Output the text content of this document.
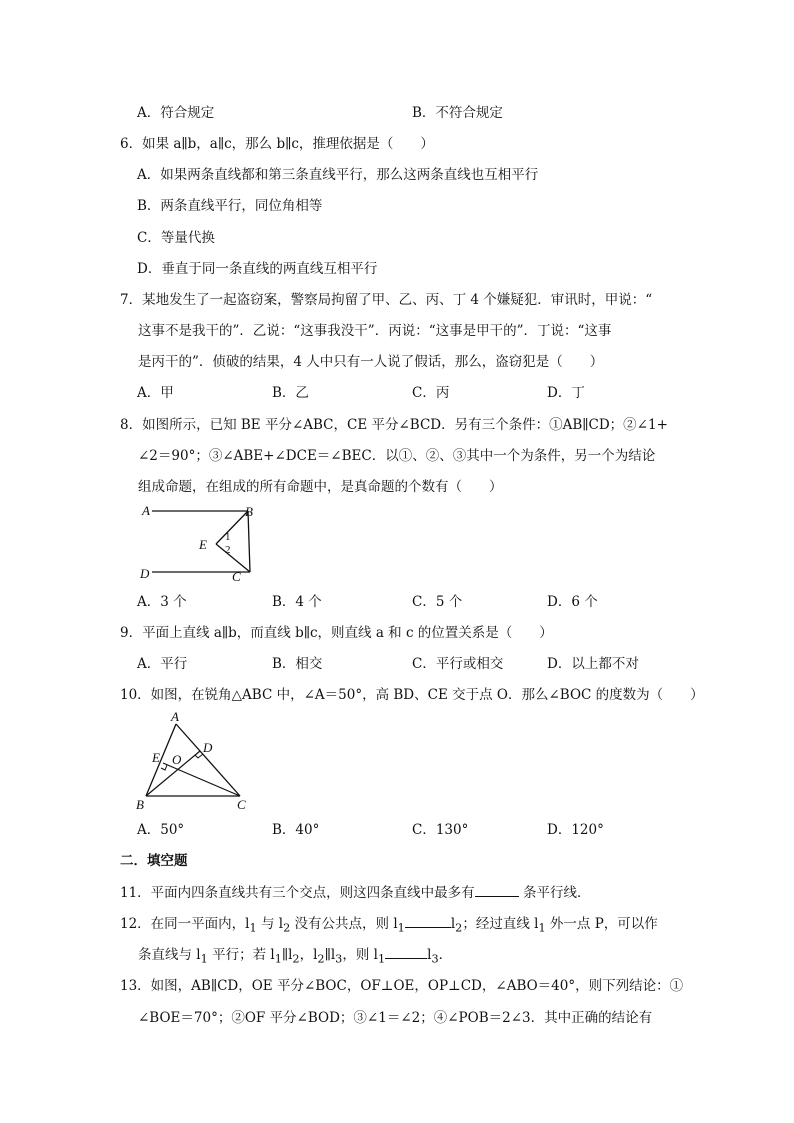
A．符合规定	B．不符合规定
6．如果 a∥b，a∥c，那么 b∥c，推理依据是（　　）
A．如果两条直线都和第三条直线平行，那么这两条直线也互相平行
B．两条直线平行，同位角相等
C．等量代换
D．垂直于同一条直线的两直线互相平行
7．某地发生了一起盗窃案，警察局拘留了甲、乙、丙、丁 4 个嫌疑犯．审讯时，甲说：“
这事不是我干的”．乙说：“这事我没干”．丙说：“这事是甲干的”．丁说：“这事
是丙干的”．侦破的结果，4 人中只有一人说了假话，那么，盗窃犯是（　　）
A．甲	B．乙	C．丙	D．丁
8．如图所示，已知 BE 平分∠ABC，CE 平分∠BCD．另有三个条件：①AB∥CD；②∠1+
∠2＝90°；③∠ABE+∠DCE＝∠BEC．以①、②、③其中一个为条件，另一个为结论
组成命题，在组成的所有命题中，是真命题的个数有（　　）
A	B
D	C
E 1
2
A．3 个	B．4 个	C．5 个	D．6 个
9．平面上直线 a∥b，而直线 b∥c，则直线 a 和 c 的位置关系是（　　）
A．平行	B．相交	C．平行或相交	D．以上都不对
10．如图，在锐角△ABC 中，∠A＝50°，高 BD、CE 交于点 O．那么∠BOC 的度数为（　　）
A
B	C
D
E O
A．50°	B．40°	C．130°	D．120°
二．填空题
11．平面内四条直线共有三个交点，则这四条直线中最多有	条平行线．
12．在同一平面内，$l_1$ 与 $l_2$ 没有公共点，则 $l_1$	$l_2$；经过直线 $l_1$ 外一点 P，可以作
条直线与 $l_1$ 平行；若 $l_1\parallel l_2$，$l_2\parallel l_3$，则 $l_1$	$l_3$．
13．如图，AB∥CD，OE 平分∠BOC，OF⊥OE，OP⊥CD，∠ABO＝40°，则下列结论：①
∠BOE＝70°；②OF 平分∠BOD；③∠1＝∠2；④∠POB＝2∠3．其中正确的结论有
